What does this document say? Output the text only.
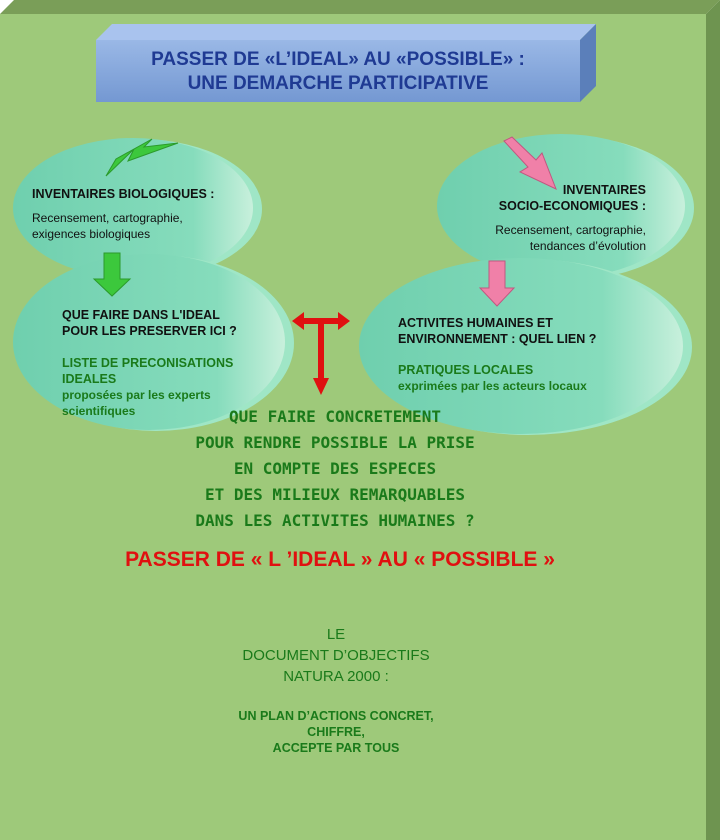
PASSER DE «L’IDEAL» AU «POSSIBLE» :
UNE DEMARCHE PARTICIPATIVE
INVENTAIRES BIOLOGIQUES :
Recensement, cartographie,
exigences biologiques
INVENTAIRES
SOCIO-ECONOMIQUES :
Recensement, cartographie,
tendances d’évolution
QUE FAIRE DANS L'IDEAL
POUR LES PRESERVER ICI ?
LISTE DE PRECONISATIONS
IDEALES
proposées par les experts
scientifiques
ACTIVITES HUMAINES ET
ENVIRONNEMENT : QUEL LIEN ?
PRATIQUES LOCALES
exprimées par les acteurs locaux
QUE FAIRE CONCRETEMENT
POUR RENDRE POSSIBLE LA PRISE
EN COMPTE DES ESPECES
ET DES MILIEUX REMARQUABLES
DANS LES ACTIVITES HUMAINES ?
PASSER DE « L ’IDEAL » AU « POSSIBLE »
LE
DOCUMENT D’OBJECTIFS
NATURA 2000 :
UN PLAN D’ACTIONS CONCRET,
CHIFFRE,
ACCEPTE PAR TOUS
